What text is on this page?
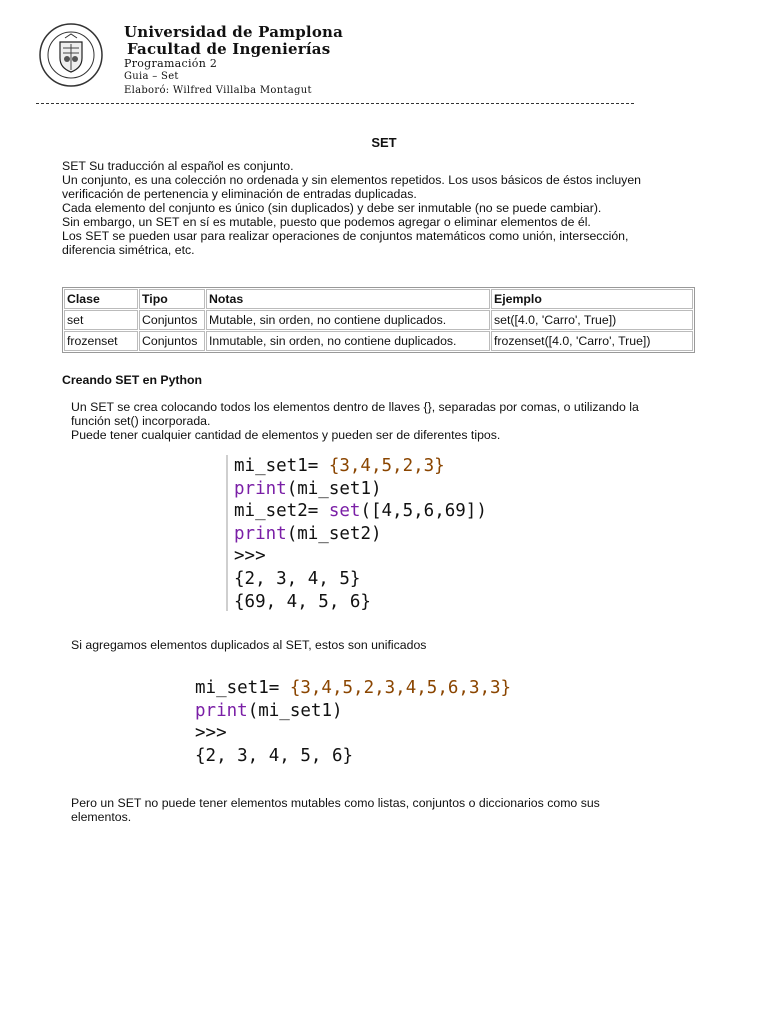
Universidad de Pamplona
Facultad de Ingenierías
Programación 2
Guia – Set
Elaboró: Wilfred Villalba Montagut
SET
SET Su traducción al español es conjunto.
Un conjunto, es una colección no ordenada y sin elementos repetidos. Los usos básicos de éstos incluyen
verificación de pertenencia y eliminación de entradas duplicadas.
Cada elemento del conjunto es único (sin duplicados) y debe ser inmutable (no se puede cambiar).
Sin embargo, un SET en sí es mutable, puesto que podemos agregar o eliminar elementos de él.
Los SET se pueden usar para realizar operaciones de conjuntos matemáticos como unión, intersección,
diferencia simétrica, etc.
Clase	Tipo	Notas	Ejemplo
set	Conjuntos	Mutable, sin orden, no contiene duplicados.	set([4.0, 'Carro', True])
frozenset	Conjuntos	Inmutable, sin orden, no contiene duplicados.	frozenset([4.0, 'Carro', True])
Creando SET en Python
Un SET se crea colocando todos los elementos dentro de llaves {}, separadas por comas, o utilizando la
función set() incorporada.
Puede tener cualquier cantidad de elementos y pueden ser de diferentes tipos.
mi_set1= {3,4,5,2,3}
print(mi_set1)
mi_set2= set([4,5,6,69])
print(mi_set2)
>>>
{2, 3, 4, 5}
{69, 4, 5, 6}
Si agregamos elementos duplicados al SET, estos son unificados
mi_set1= {3,4,5,2,3,4,5,6,3,3}
print(mi_set1)
>>>
{2, 3, 4, 5, 6}
Pero un SET no puede tener elementos mutables como listas, conjuntos o diccionarios como sus
elementos.
